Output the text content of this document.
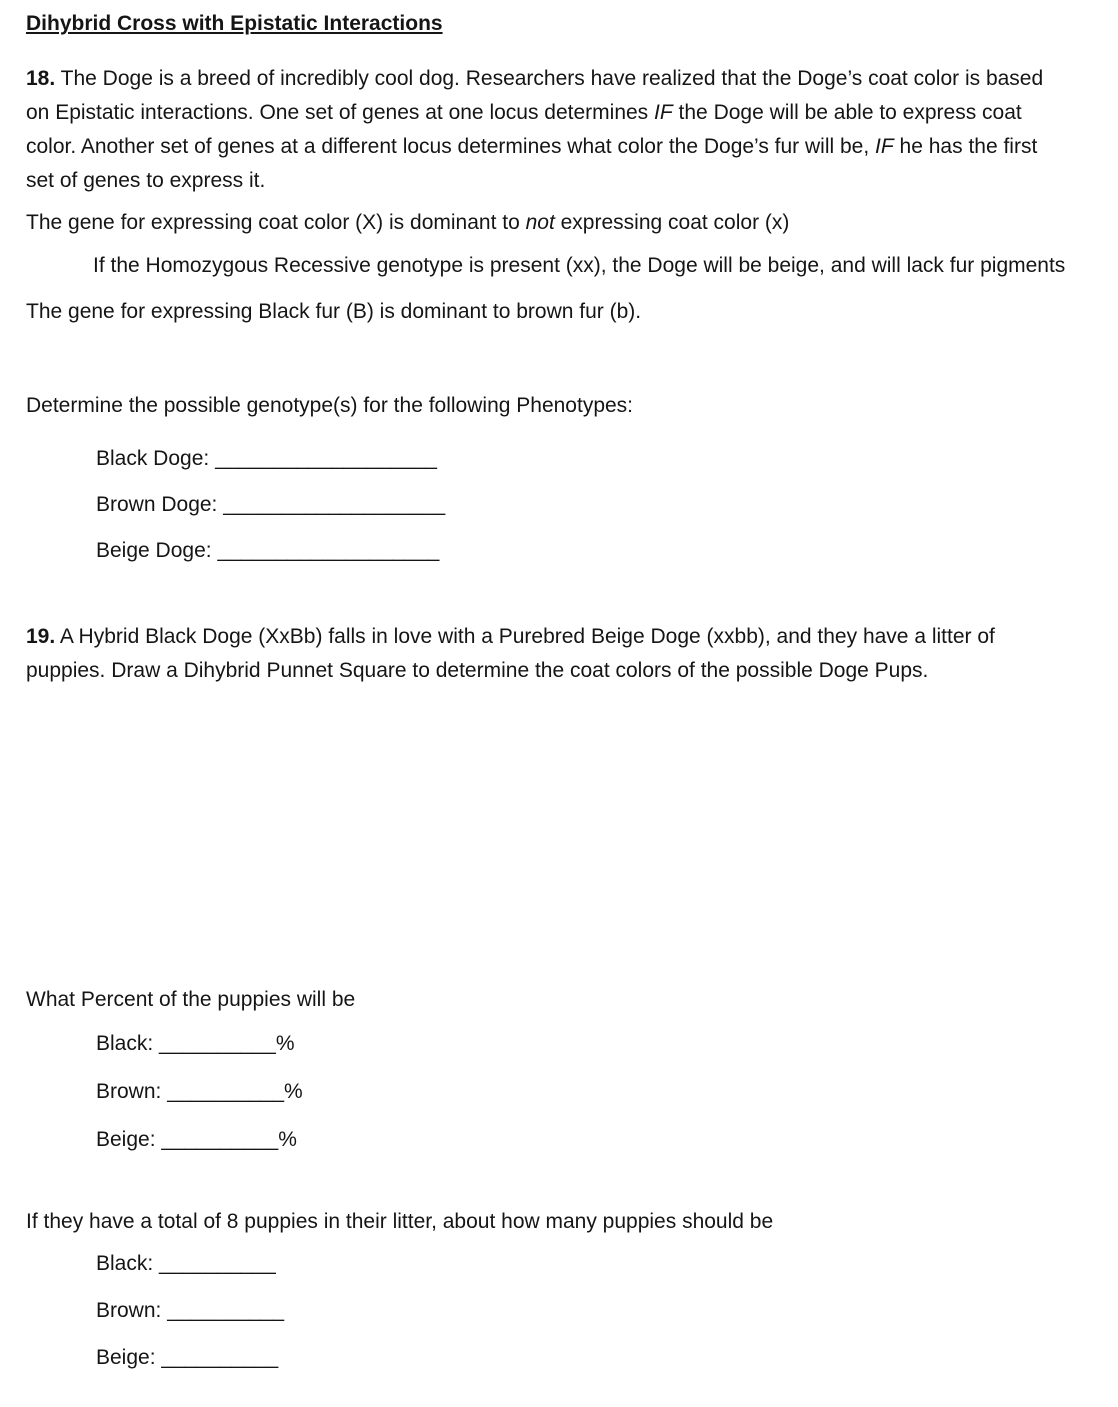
Dihybrid Cross with Epistatic Interactions
18. The Doge is a breed of incredibly cool dog. Researchers have realized that the Doge’s coat color is based
on Epistatic interactions. One set of genes at one locus determines IF the Doge will be able to express coat
color. Another set of genes at a different locus determines what color the Doge’s fur will be, IF he has the first
set of genes to express it.
The gene for expressing coat color (X) is dominant to not expressing coat color (x)
If the Homozygous Recessive genotype is present (xx), the Doge will be beige, and will lack fur pigments
The gene for expressing Black fur (B) is dominant to brown fur (b).
Determine the possible genotype(s) for the following Phenotypes:
Black Doge: ___________________
Brown Doge: ___________________
Beige Doge: ___________________
19. A Hybrid Black Doge (XxBb) falls in love with a Purebred Beige Doge (xxbb), and they have a litter of
puppies. Draw a Dihybrid Punnet Square to determine the coat colors of the possible Doge Pups.
What Percent of the puppies will be
Black: __________%
Brown: __________%
Beige: __________%
If they have a total of 8 puppies in their litter, about how many puppies should be
Black: __________
Brown: __________
Beige: __________
